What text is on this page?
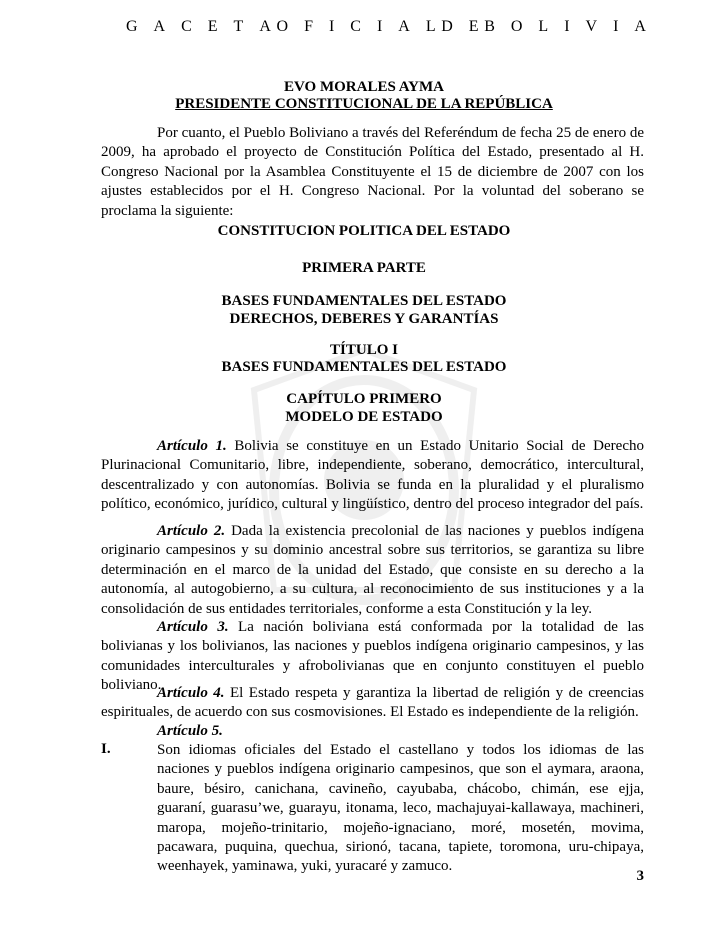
G A C E T A O F I C I A L D E B O L I V I A
EVO MORALES AYMA
PRESIDENTE CONSTITUCIONAL DE LA REPÚBLICA
Por cuanto, el Pueblo Boliviano a través del Referéndum de fecha 25 de enero de 2009, ha aprobado el proyecto de Constitución Política del Estado, presentado al H. Congreso Nacional por la Asamblea Constituyente el 15 de diciembre de 2007 con los ajustes establecidos por el H. Congreso Nacional. Por la voluntad del soberano se proclama la siguiente:
CONSTITUCION POLITICA DEL ESTADO
PRIMERA PARTE
BASES FUNDAMENTALES DEL ESTADO
DERECHOS, DEBERES Y GARANTÍAS
TÍTULO I
BASES FUNDAMENTALES DEL ESTADO
CAPÍTULO PRIMERO
MODELO DE ESTADO
Artículo 1. Bolivia se constituye en un Estado Unitario Social de Derecho Plurinacional Comunitario, libre, independiente, soberano, democrático, intercultural, descentralizado y con autonomías. Bolivia se funda en la pluralidad y el pluralismo político, económico, jurídico, cultural y lingüístico, dentro del proceso integrador del país.
Artículo 2. Dada la existencia precolonial de las naciones y pueblos indígena originario campesinos y su dominio ancestral sobre sus territorios, se garantiza su libre determinación en el marco de la unidad del Estado, que consiste en su derecho a la autonomía, al autogobierno, a su cultura, al reconocimiento de sus instituciones y a la consolidación de sus entidades territoriales, conforme a esta Constitución y la ley.
Artículo 3. La nación boliviana está conformada por la totalidad de las bolivianas y los bolivianos, las naciones y pueblos indígena originario campesinos, y las comunidades interculturales y afrobolivianas que en conjunto constituyen el pueblo boliviano.
Artículo 4. El Estado respeta y garantiza la libertad de religión y de creencias espirituales, de acuerdo con sus cosmovisiones. El Estado es independiente de la religión.
Artículo 5.
I.	Son idiomas oficiales del Estado el castellano y todos los idiomas de las naciones y pueblos indígena originario campesinos, que son el aymara, araona, baure, bésiro, canichana, cavineño, cayubaba, chácobo, chimán, ese ejja, guaraní, guarasu’we, guarayu, itonama, leco, machajuyai-kallawaya, machineri, maropa, mojeño-trinitario, mojeño-ignaciano, moré, mosetén, movima, pacawara, puquina, quechua, sirionó, tacana, tapiete, toromona, uru-chipaya, weenhayek, yaminawa, yuki, yuracaré y zamuco.
3
